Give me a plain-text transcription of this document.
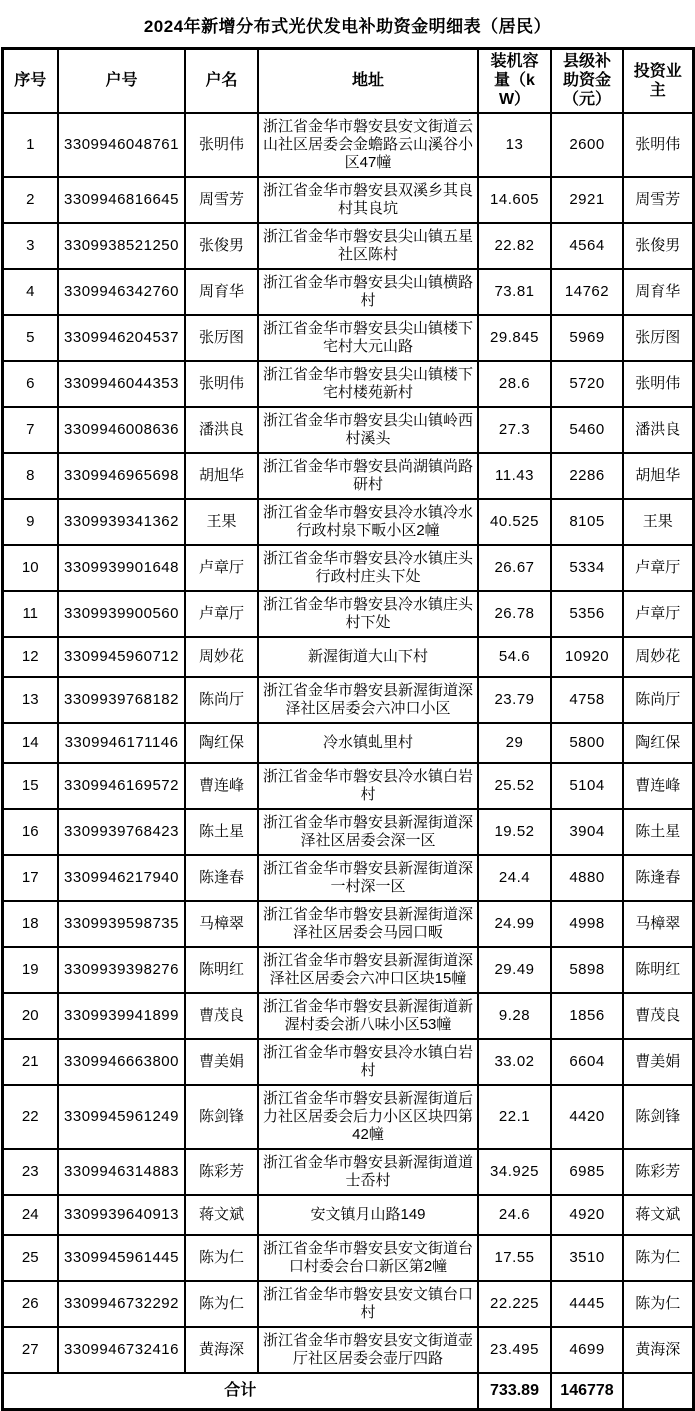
2024年新增分布式光伏发电补助资金明细表（居民）
序号	户号	户名	地址	装机容量（kW）	县级补助资金（元）	投资业主
1	3309946048761	张明伟	浙江省金华市磐安县安文街道云山社区居委会金蟾路云山溪谷小区47幢	13	2600	张明伟
2	3309946816645	周雪芳	浙江省金华市磐安县双溪乡其良村其良坑	14.605	2921	周雪芳
3	3309938521250	张俊男	浙江省金华市磐安县尖山镇五星社区陈村	22.82	4564	张俊男
4	3309946342760	周育华	浙江省金华市磐安县尖山镇横路村	73.81	14762	周育华
5	3309946204537	张厉图	浙江省金华市磐安县尖山镇楼下宅村大元山路	29.845	5969	张厉图
6	3309946044353	张明伟	浙江省金华市磐安县尖山镇楼下宅村楼苑新村	28.6	5720	张明伟
7	3309946008636	潘洪良	浙江省金华市磐安县尖山镇岭西村溪头	27.3	5460	潘洪良
8	3309946965698	胡旭华	浙江省金华市磐安县尚湖镇尚路研村	11.43	2286	胡旭华
9	3309939341362	王果	浙江省金华市磐安县冷水镇冷水行政村泉下畈小区2幢	40.525	8105	王果
10	3309939901648	卢章厅	浙江省金华市磐安县冷水镇庄头行政村庄头下处	26.67	5334	卢章厅
11	3309939900560	卢章厅	浙江省金华市磐安县冷水镇庄头村下处	26.78	5356	卢章厅
12	3309945960712	周妙花	新渥街道大山下村	54.6	10920	周妙花
13	3309939768182	陈尚厅	浙江省金华市磐安县新渥街道深泽社区居委会六冲口小区	23.79	4758	陈尚厅
14	3309946171146	陶红保	冷水镇虬里村	29	5800	陶红保
15	3309946169572	曹连峰	浙江省金华市磐安县冷水镇白岩村	25.52	5104	曹连峰
16	3309939768423	陈土星	浙江省金华市磐安县新渥街道深泽社区居委会深一区	19.52	3904	陈土星
17	3309946217940	陈逢春	浙江省金华市磐安县新渥街道深一村深一区	24.4	4880	陈逢春
18	3309939598735	马樟翠	浙江省金华市磐安县新渥街道深泽社区居委会马园口畈	24.99	4998	马樟翠
19	3309939398276	陈明红	浙江省金华市磐安县新渥街道深泽社区居委会六冲口区块15幢	29.49	5898	陈明红
20	3309939941899	曹茂良	浙江省金华市磐安县新渥街道新渥村委会浙八味小区53幢	9.28	1856	曹茂良
21	3309946663800	曹美娟	浙江省金华市磐安县冷水镇白岩村	33.02	6604	曹美娟
22	3309945961249	陈剑锋	浙江省金华市磐安县新渥街道后力社区居委会后力小区区块四第42幢	22.1	4420	陈剑锋
23	3309946314883	陈彩芳	浙江省金华市磐安县新渥街道道士岙村	34.925	6985	陈彩芳
24	3309939640913	蒋文斌	安文镇月山路149	24.6	4920	蒋文斌
25	3309945961445	陈为仁	浙江省金华市磐安县安文街道台口村委会台口新区第2幢	17.55	3510	陈为仁
26	3309946732292	陈为仁	浙江省金华市磐安县安文镇台口村	22.225	4445	陈为仁
27	3309946732416	黄海深	浙江省金华市磐安县安文街道壶厅社区居委会壶厅四路	23.495	4699	黄海深
合计				733.89	146778	
